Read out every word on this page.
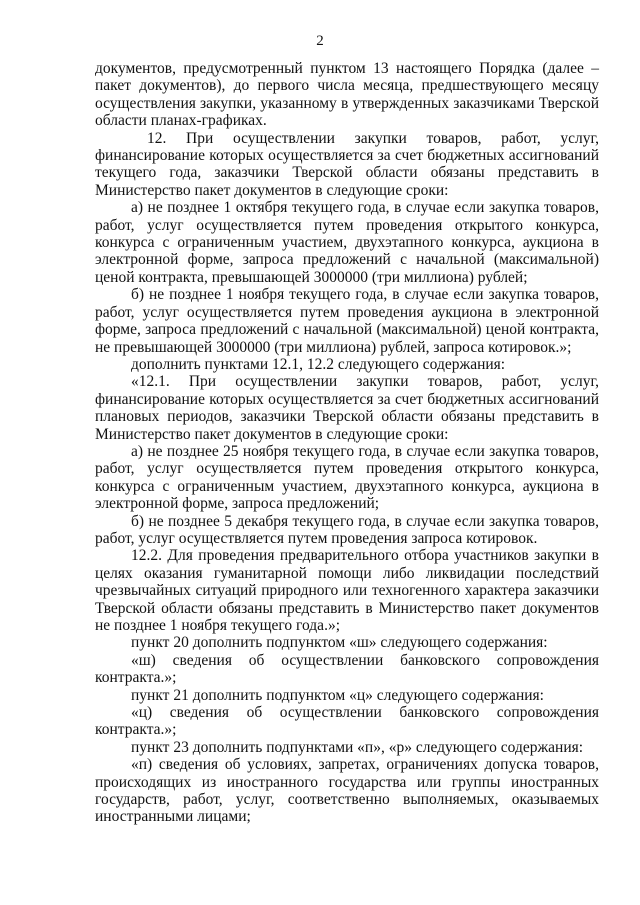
2

документов, предусмотренный пунктом 13 настоящего Порядка (далее – пакет документов), до первого числа месяца, предшествующего месяцу осуществления закупки, указанному в утвержденных заказчиками Тверской области планах-графиках.

12. При осуществлении закупки товаров, работ, услуг, финансирование которых осуществляется за счет бюджетных ассигнований текущего года, заказчики Тверской области обязаны представить в Министерство пакет документов в следующие сроки:

а) не позднее 1 октября текущего года, в случае если закупка товаров, работ, услуг осуществляется путем проведения открытого конкурса, конкурса с ограниченным участием, двухэтапного конкурса, аукциона в электронной форме, запроса предложений с начальной (максимальной) ценой контракта, превышающей 3000000 (три миллиона) рублей;

б) не позднее 1 ноября текущего года, в случае если закупка товаров, работ, услуг осуществляется путем проведения аукциона в электронной форме, запроса предложений с начальной (максимальной) ценой контракта, не превышающей 3000000 (три миллиона) рублей, запроса котировок.»;

дополнить пунктами 12.1, 12.2 следующего содержания:

«12.1. При осуществлении закупки товаров, работ, услуг, финансирование которых осуществляется за счет бюджетных ассигнований плановых периодов, заказчики Тверской области обязаны представить в Министерство пакет документов в следующие сроки:

а) не позднее 25 ноября текущего года, в случае если закупка товаров, работ, услуг осуществляется путем проведения открытого конкурса, конкурса с ограниченным участием, двухэтапного конкурса, аукциона в электронной форме, запроса предложений;

б) не позднее 5 декабря текущего года, в случае если закупка товаров, работ, услуг осуществляется путем проведения запроса котировок.

12.2. Для проведения предварительного отбора участников закупки в целях оказания гуманитарной помощи либо ликвидации последствий чрезвычайных ситуаций природного или техногенного характера заказчики Тверской области обязаны представить в Министерство пакет документов не позднее 1 ноября текущего года.»;

пункт 20 дополнить подпунктом «ш» следующего содержания:

«ш) сведения об осуществлении банковского сопровождения контракта.»;

пункт 21 дополнить подпунктом «ц» следующего содержания:

«ц) сведения об осуществлении банковского сопровождения контракта.»;

пункт 23 дополнить подпунктами «п», «р» следующего содержания:

«п) сведения об условиях, запретах, ограничениях допуска товаров, происходящих из иностранного государства или группы иностранных государств, работ, услуг, соответственно выполняемых, оказываемых иностранными лицами;
